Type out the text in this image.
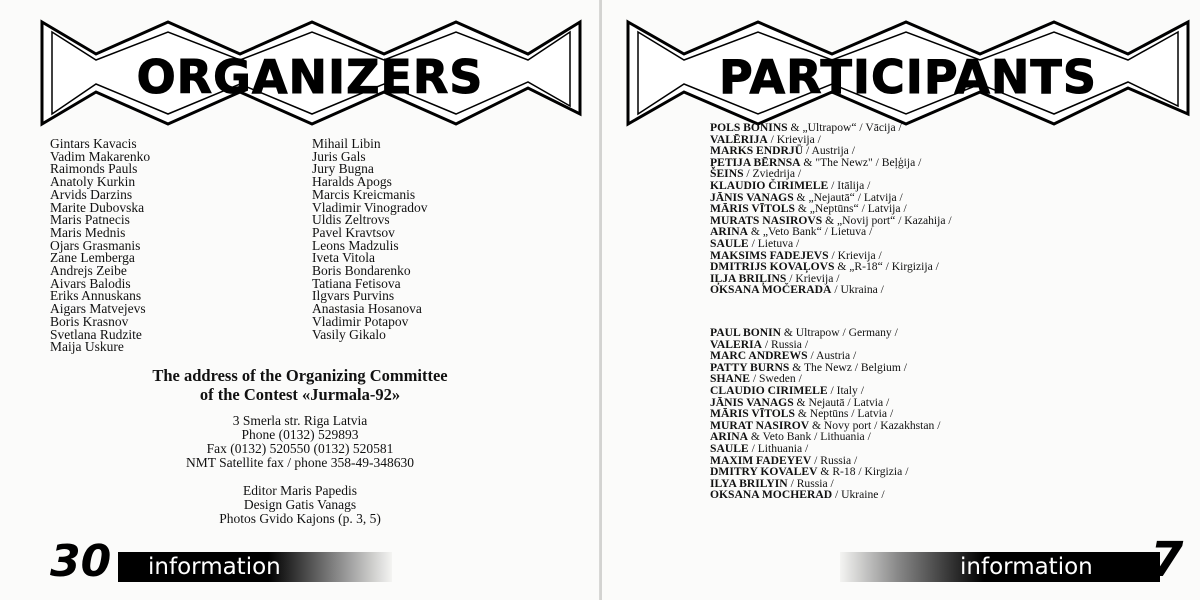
ORGANIZERS
Gintars Kavacis
Vadim Makarenko
Raimonds Pauls
Anatoly Kurkin
Arvids Darzins
Marite Dubovska
Maris Patnecis
Maris Mednis
Ojars Grasmanis
Zane Lemberga
Andrejs Zeibe
Aivars Balodis
Eriks Annuskans
Aigars Matvejevs
Boris Krasnov
Svetlana Rudzite
Maija Uskure
Mihail Libin
Juris Gals
Jury Bugna
Haralds Apogs
Marcis Kreicmanis
Vladimir Vinogradov
Uldis Zeltrovs
Pavel Kravtsov
Leons Madzulis
Iveta Vitola
Boris Bondarenko
Tatiana Fetisova
Ilgvars Purvins
Anastasia Hosanova
Vladimir Potapov
Vasily Gikalo
The address of the Organizing Committee
of the Contest «Jurmala-92»
3 Smerla str. Riga Latvia
Phone (0132) 529893
Fax (0132) 520550 (0132) 520581
NMT Satellite fax / phone 358-49-348630
Editor Maris Papedis
Design Gatis Vanags
Photos Gvido Kajons (p. 3, 5)
30 information
PARTICIPANTS
information 7
POLS BONINS & „Ultrapow“ / Vācija /
VALĒRIJA / Krievija /
MARKS ENDRJŪ / Austrija /
PETIJA BĒRNSA & "The Newz" / Beļģija /
ŠEINS / Zviedrija /
KLAUDIO ČIRIMELE / Itālija /
JĀNIS VANAGS & „Nejautā“ / Latvija /
MĀRIS VĪTOLS & „Neptūns“ / Latvija /
MURATS NASIROVS & „Novij port“ / Kazahija /
ARINA & „Veto Bank“ / Lietuva /
SAULE / Lietuva /
MAKSIMS FADEJEVS / Krievija /
DMITRIJS KOVAĻOVS & „R-18“ / Kirgizija /
IĻJA BRIĻINS / Krievija /
OKSANA MOČERADA / Ukraina /
PAUL BONIN & Ultrapow / Germany /
VALERIA / Russia /
MARC ANDREWS / Austria /
PATTY BURNS & The Newz / Belgium /
SHANE / Sweden /
CLAUDIO CIRIMELE / Italy /
JĀNIS VANAGS & Nejautā / Latvia /
MĀRIS VĪTOLS & Neptūns / Latvia /
MURAT NASIROV & Novy port / Kazakhstan /
ARINA & Veto Bank / Lithuania /
SAULE / Lithuania /
MAXIM FADEYEV / Russia /
DMITRY KOVALEV & R-18 / Kirgizia /
ILYA BRILYIN / Russia /
OKSANA MOCHERAD / Ukraine /
